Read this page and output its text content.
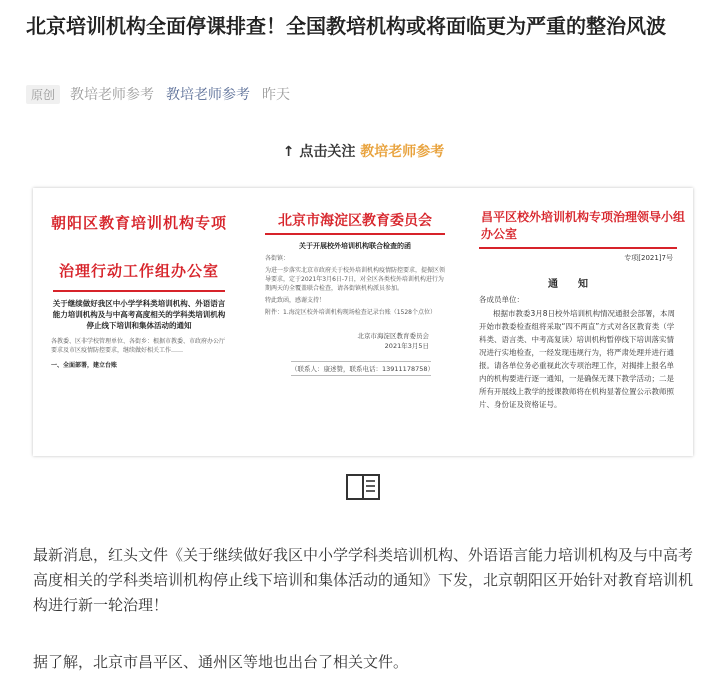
北京培训机构全面停课排查！全国教培机构或将面临更为严重的整治风波
原创	教培老师参考 教培老师参考 昨天
↑ 点击关注 教培老师参考
朝阳区教育培训机构专项
治理行动工作组办公室
关于继续做好我区中小学学科类培训机构、外语语言能力培训机构及与中高考高度相关的学科类培训机构停止线下培训和集体活动的通知
各教委、区非学校管理单位、各街乡：根据市教委、市政府办公厅要求及市区疫情防控要求，继续做好相关工作……
一、全面部署，建立台账
北京市海淀区教育委员会
关于开展校外培训机构联合检查的函
各街镇：
为进一步落实北京市政府关于校外培训机构疫情防控要求，提振区领导要求，定于2021年3月6日-7日，对全区各类校外培训机构进行为期两天的全覆盖联合检查，请各街镇机构派员参加。
特此致函，感谢支持！
附件：1.海淀区校外培训机构现场检查记录台账（1528个点位）
北京市海淀区教育委员会
2021年3月5日
（联系人：康述赞，联系电话：13911178758）
昌平区校外培训机构专项治理领导小组办公室
专项[2021]7号
通知
各成员单位：
根据市教委3月8日校外培训机构情况通报会部署，本周开始市教委检查组将采取“四不两直”方式对各区教育类（学科类、语言类、中考高复读）培训机构暂停线下培训落实情况进行实地检查，一经发现违规行为，将严肃处理并进行通报。请各单位务必重视此次专项治理工作，对揭排上报名单内的机构要进行逐一通知，一是确保无课下教学活动；二是所有开展线上教学的授课教师将在机构显著位置公示教师照片、身份证及资格证号。

最新消息，红头文件《关于继续做好我区中小学学科类培训机构、外语语言能力培训机构及与中高考高度相关的学科类培训机构停止线下培训和集体活动的通知》下发，北京朝阳区开始针对教育培训机构进行新一轮治理！

据了解，北京市昌平区、通州区等地也出台了相关文件。
